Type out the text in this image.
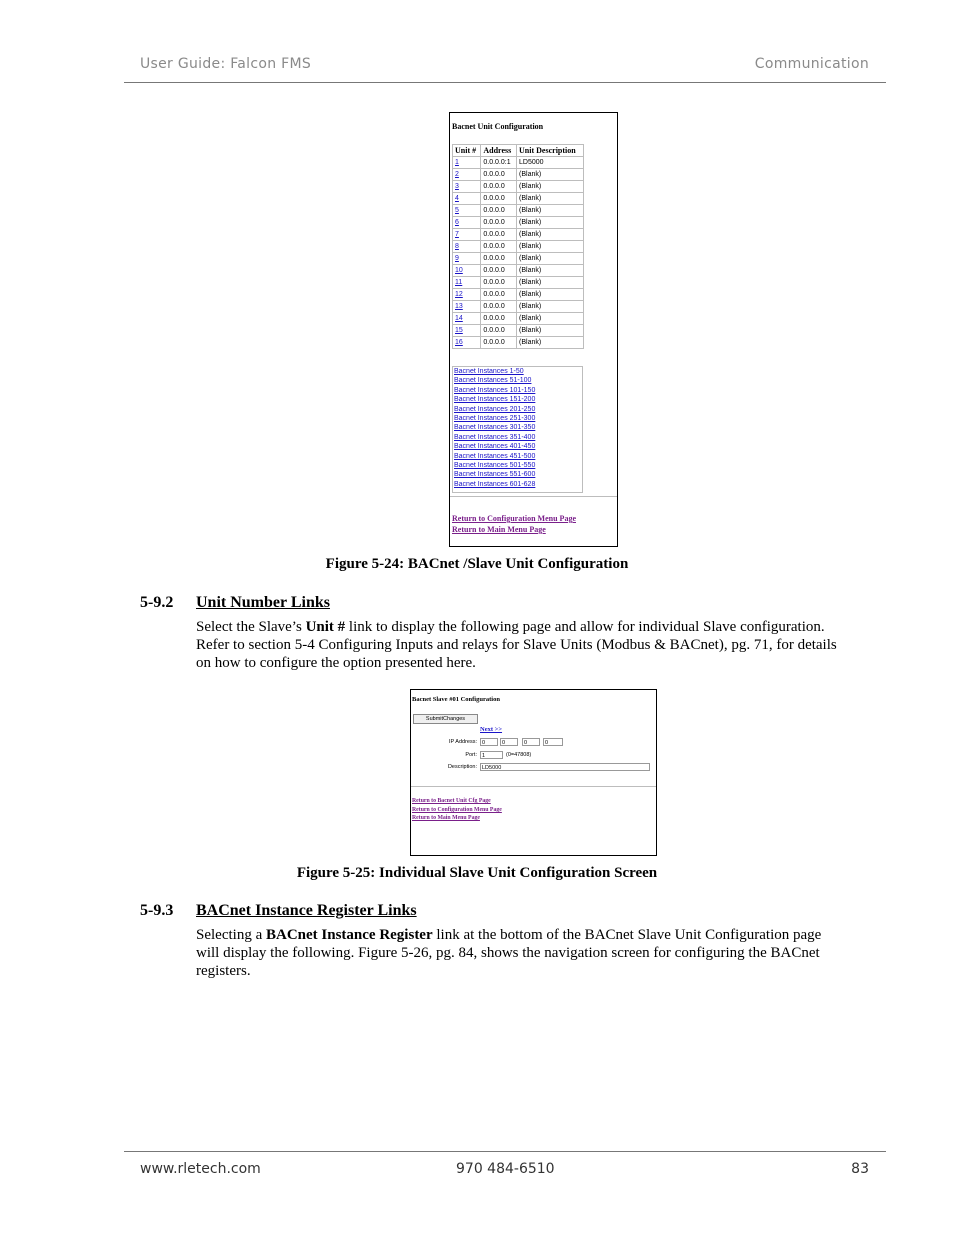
User Guide: Falcon FMS	Communication
Bacnet Unit Configuration
Unit #	Address	Unit Description
1	0.0.0.0:1	LD5000
2	0.0.0.0	(Blank)
3	0.0.0.0	(Blank)
4	0.0.0.0	(Blank)
5	0.0.0.0	(Blank)
6	0.0.0.0	(Blank)
7	0.0.0.0	(Blank)
8	0.0.0.0	(Blank)
9	0.0.0.0	(Blank)
10	0.0.0.0	(Blank)
11	0.0.0.0	(Blank)
12	0.0.0.0	(Blank)
13	0.0.0.0	(Blank)
14	0.0.0.0	(Blank)
15	0.0.0.0	(Blank)
16	0.0.0.0	(Blank)
Bacnet Instances 1-50
Bacnet Instances 51-100
Bacnet Instances 101-150
Bacnet Instances 151-200
Bacnet Instances 201-250
Bacnet Instances 251-300
Bacnet Instances 301-350
Bacnet Instances 351-400
Bacnet Instances 401-450
Bacnet Instances 451-500
Bacnet Instances 501-550
Bacnet Instances 551-600
Bacnet Instances 601-628
Return to Configuration Menu Page
Return to Main Menu Page
Figure 5-24: BACnet /Slave Unit Configuration
5-9.2 Unit Number Links
Select the Slave’s Unit # link to display the following page and allow for individual Slave configuration.
Refer to section 5-4 Configuring Inputs and relays for Slave Units (Modbus & BACnet), pg. 71, for details
on how to configure the option presented here.
Bacnet Slave #01 Configuration
SubmitChanges
Next >>
IP Address: 0	0	0	0
Port: 1	(0=47808)
Description: LD5000
Return to Bacnet Unit Cfg Page
Return to Configuration Menu Page
Return to Main Menu Page
Figure 5-25: Individual Slave Unit Configuration Screen
5-9.3 BACnet Instance Register Links
Selecting a BACnet Instance Register link at the bottom of the BACnet Slave Unit Configuration page
will display the following. Figure 5-26, pg. 84, shows the navigation screen for configuring the BACnet
registers.
www.rletech.com	970 484-6510	83
